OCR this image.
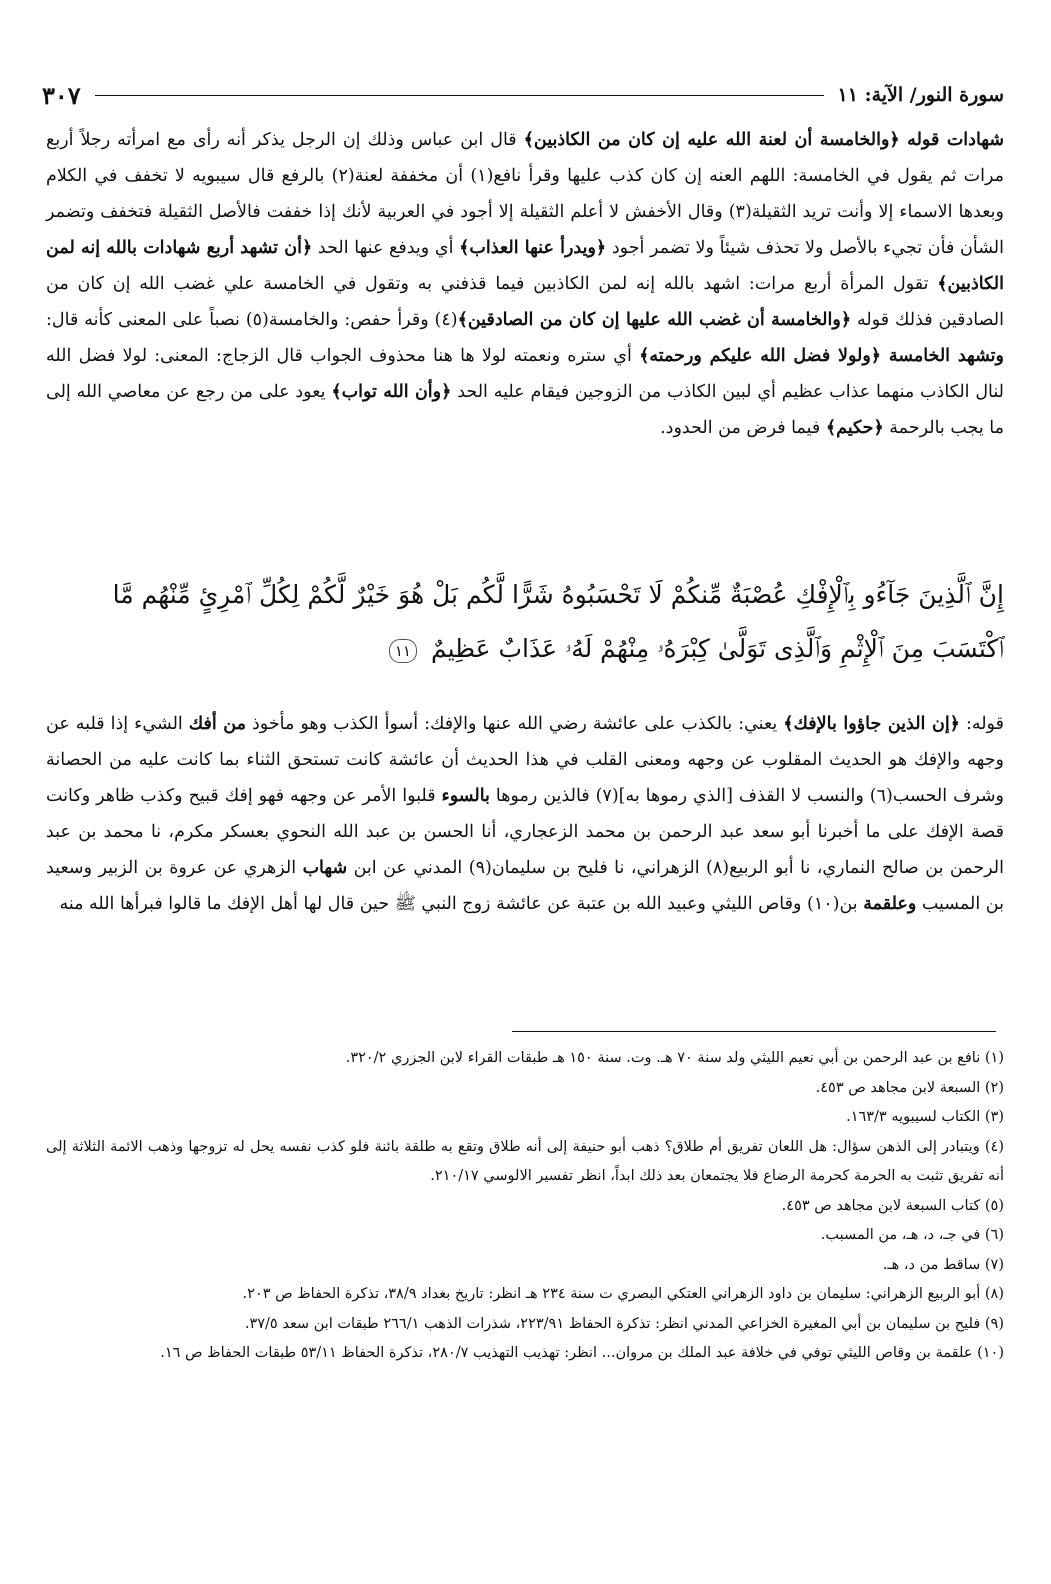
سورة النور/ الآية: ١١
٣٠٧

شهادات قوله ﴿والخامسة أن لعنة الله عليه إن كان من الكاذبين﴾ قال ابن عباس وذلك إن الرجل يذكر أنه رأى مع امرأته رجلاً أربع مرات ثم يقول في الخامسة: اللهم العنه إن كان كذب عليها وقرأ نافع(١) أن مخففة لعنة(٢) بالرفع قال سيبويه لا تخفف في الكلام وبعدها الاسماء إلا وأنت تريد الثقيلة(٣) وقال الأخفش لا أعلم الثقيلة إلا أجود في العربية لأنك إذا خففت فالأصل الثقيلة فتخفف وتضمر الشأن فأن تجيء بالأصل ولا تحذف شيئاً ولا تضمر أجود ﴿ويدرأ عنها العذاب﴾ أي ويدفع عنها الحد ﴿أن تشهد أربع شهادات بالله إنه لمن الكاذبين﴾ تقول المرأة أربع مرات: اشهد بالله إنه لمن الكاذبين فيما قذفني به وتقول في الخامسة علي غضب الله إن كان من الصادقين فذلك قوله ﴿والخامسة أن غضب الله عليها إن كان من الصادقين﴾(٤) وقرأ حفص: والخامسة(٥) نصباً على المعنى كأنه قال: وتشهد الخامسة ﴿ولولا فضل الله عليكم ورحمته﴾ أي ستره ونعمته لولا ها هنا محذوف الجواب قال الزجاج: المعنى: لولا فضل الله لنال الكاذب منهما عذاب عظيم أي لبين الكاذب من الزوجين فيقام عليه الحد ﴿وأن الله تواب﴾ يعود على من رجع عن معاصي الله إلى ما يجب بالرحمة ﴿حكيم﴾ فيما فرض من الحدود.

إِنَّ ٱلَّذِينَ جَآءُو بِٱلْإِفْكِ عُصْبَةٌ مِّنكُمْ لَا تَحْسَبُوهُ شَرًّا لَّكُم بَلْ هُوَ خَيْرٌ لَّكُمْ لِكُلِّ ٱمْرِئٍ مِّنْهُم مَّا ٱكْتَسَبَ مِنَ ٱلْإِثْمِ وَٱلَّذِى تَوَلَّىٰ كِبْرَهُۥ مِنْهُمْ لَهُۥ عَذَابٌ عَظِيمٌ ١١

قوله: ﴿إن الذين جاؤوا بالإفك﴾ يعني: بالكذب على عائشة رضي الله عنها والإفك: أسوأ الكذب وهو مأخوذ من أفك الشيء إذا قلبه عن وجهه والإفك هو الحديث المقلوب عن وجهه ومعنى القلب في هذا الحديث أن عائشة كانت تستحق الثناء بما كانت عليه من الحصانة وشرف الحسب(٦) والنسب لا القذف [الذي رموها به](٧) فالذين رموها بالسوء قلبوا الأمر عن وجهه فهو إفك قبيح وكذب ظاهر وكانت قصة الإفك على ما أخبرنا أبو سعد عبد الرحمن بن محمد الزعجاري، أنا الحسن بن عبد الله النحوي بعسكر مكرم، نا محمد بن عبد الرحمن بن صالح النماري، نا أبو الربيع(٨) الزهراني، نا فليح بن سليمان(٩) المدني عن ابن شهاب الزهري عن عروة بن الزبير وسعيد بن المسيب وعلقمة بن(١٠) وقاص الليثي وعبيد الله بن عتبة عن عائشة زوج النبي ﷺ حين قال لها أهل الإفك ما قالوا فبرأها الله منه

(١) نافع بن عبد الرحمن بن أبي نعيم الليثي ولد سنة ٧٠ هـ. وت. سنة ١٥٠ هـ طبقات القراء لابن الجزري ٣٢٠/٢.

(٢) السبعة لابن مجاهد ص ٤٥٣.

(٣) الكتاب لسيبويه ١٦٣/٣.

(٤) ويتبادر إلى الذهن سؤال: هل اللعان تفريق أم طلاق؟ ذهب أبو حنيفة إلى أنه طلاق وتقع به طلقة بائنة فلو كذب نفسه يحل له تزوجها وذهب الائمة الثلاثة إلى أنه تفريق تثبت به الحرمة كحرمة الرضاع فلا يجتمعان بعد ذلك ابداً، انظر تفسير الالوسي ٢١٠/١٧.

(٥) كتاب السبعة لابن مجاهد ص ٤٥٣.

(٦) في جـ، د، هـ، من المسبب.

(٧) ساقط من د، هـ.

(٨) أبو الربيع الزهراني: سليمان بن داود الزهراني العتكي البصري ت سنة ٢٣٤ هـ انظر: تاريخ بغداد ٣٨/٩، تذكرة الحفاظ ص ٢٠٣.

(٩) فليح بن سليمان بن أبي المغيرة الخزاعي المدني انظر: تذكرة الحفاظ ٢٢٣/٩١، شذرات الذهب ٢٦٦/١ طبقات ابن سعد ٣٧/٥.

(١٠) علقمة بن وقاص الليثي توفي في خلافة عبد الملك بن مروان... انظر: تهذيب التهذيب ٢٨٠/٧، تذكرة الحفاظ ٥٣/١١ طبقات الحفاظ ص ١٦.
